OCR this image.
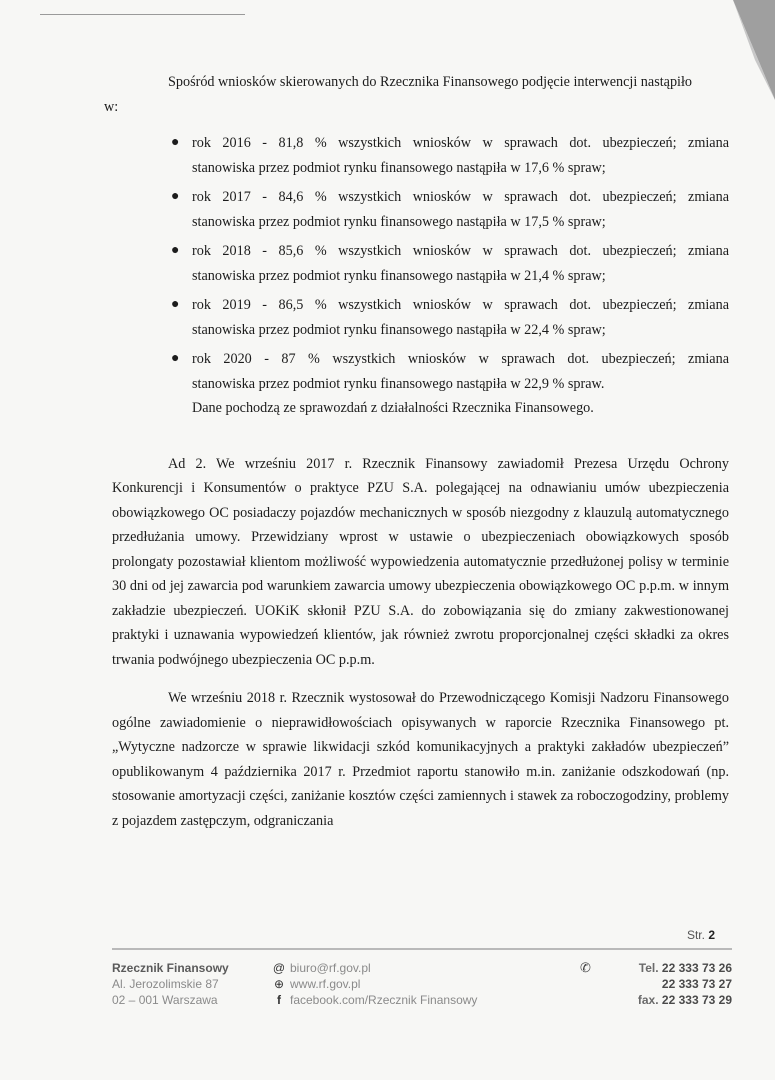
Spośród wniosków skierowanych do Rzecznika Finansowego podjęcie interwencji nastąpiło

w:

● rok 2016 - 81,8 % wszystkich wniosków w sprawach dot. ubezpieczeń; zmiana
stanowiska przez podmiot rynku finansowego nastąpiła w 17,6 % spraw;
● rok 2017 - 84,6 % wszystkich wniosków w sprawach dot. ubezpieczeń; zmiana
stanowiska przez podmiot rynku finansowego nastąpiła w 17,5 % spraw;
● rok 2018 - 85,6 % wszystkich wniosków w sprawach dot. ubezpieczeń; zmiana
stanowiska przez podmiot rynku finansowego nastąpiła w 21,4 % spraw;
● rok 2019 - 86,5 % wszystkich wniosków w sprawach dot. ubezpieczeń; zmiana
stanowiska przez podmiot rynku finansowego nastąpiła w 22,4 % spraw;
● rok 2020 - 87 % wszystkich wniosków w sprawach dot. ubezpieczeń; zmiana
stanowiska przez podmiot rynku finansowego nastąpiła w 22,9 % spraw.
Dane pochodzą ze sprawozdań z działalności Rzecznika Finansowego.

Ad 2. We wrześniu 2017 r. Rzecznik Finansowy zawiadomił Prezesa Urzędu Ochrony Konkurencji i Konsumentów o praktyce PZU S.A. polegającej na odnawianiu umów ubezpieczenia obowiązkowego OC posiadaczy pojazdów mechanicznych w sposób niezgodny z klauzulą automatycznego przedłużania umowy. Przewidziany wprost w ustawie o ubezpieczeniach obowiązkowych sposób prolongaty pozostawiał klientom możliwość wypowiedzenia automatycznie przedłużonej polisy w terminie 30 dni od jej zawarcia pod warunkiem zawarcia umowy ubezpieczenia obowiązkowego OC p.p.m. w innym zakładzie ubezpieczeń. UOKiK skłonił PZU S.A. do zobowiązania się do zmiany zakwestionowanej praktyki i uznawania wypowiedzeń klientów, jak również zwrotu proporcjonalnej części składki za okres trwania podwójnego ubezpieczenia OC p.p.m.

We wrześniu 2018 r. Rzecznik wystosował do Przewodniczącego Komisji Nadzoru Finansowego ogólne zawiadomienie o nieprawidłowościach opisywanych w raporcie Rzecznika Finansowego pt. „Wytyczne nadzorcze w sprawie likwidacji szkód komunikacyjnych a praktyki zakładów ubezpieczeń” opublikowanym 4 października 2017 r. Przedmiot raportu stanowiło m.in. zaniżanie odszkodowań (np. stosowanie amortyzacji części, zaniżanie kosztów części zamiennych i stawek za roboczogodziny, problemy z pojazdem zastępczym, odgraniczania

Str. 2
Rzecznik Finansowy
Al. Jerozolimskie 87
02 – 001 Warszawa
@ biuro@rf.gov.pl
⊕ www.rf.gov.pl
f facebook.com/Rzecznik Finansowy
✆	Tel. 22 333 73 26
22 333 73 27
fax. 22 333 73 29
